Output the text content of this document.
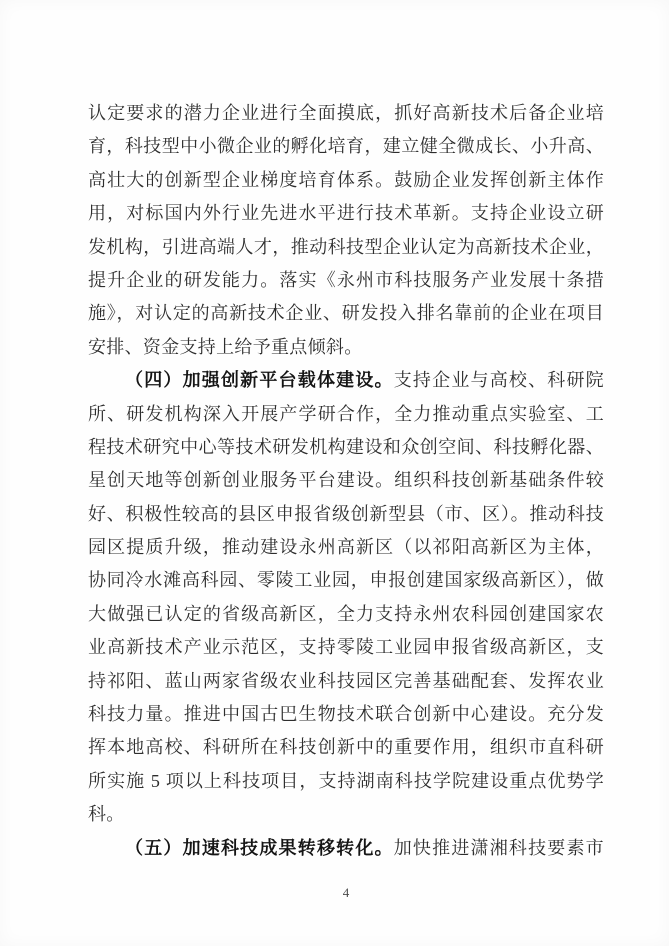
认定要求的潜力企业进行全面摸底，抓好高新技术后备企业培
育，科技型中小微企业的孵化培育，建立健全微成长、小升高、
高壮大的创新型企业梯度培育体系。鼓励企业发挥创新主体作
用，对标国内外行业先进水平进行技术革新。支持企业设立研
发机构，引进高端人才，推动科技型企业认定为高新技术企业，
提升企业的研发能力。落实《永州市科技服务产业发展十条措
施》，对认定的高新技术企业、研发投入排名靠前的企业在项目
安排、资金支持上给予重点倾斜。
（四）加强创新平台载体建设。支持企业与高校、科研院
所、研发机构深入开展产学研合作，全力推动重点实验室、工
程技术研究中心等技术研发机构建设和众创空间、科技孵化器、
星创天地等创新创业服务平台建设。组织科技创新基础条件较
好、积极性较高的县区申报省级创新型县（市、区）。推动科技
园区提质升级，推动建设永州高新区（以祁阳高新区为主体，
协同冷水滩高科园、零陵工业园，申报创建国家级高新区），做
大做强已认定的省级高新区，全力支持永州农科园创建国家农
业高新技术产业示范区，支持零陵工业园申报省级高新区，支
持祁阳、蓝山两家省级农业科技园区完善基础配套、发挥农业
科技力量。推进中国古巴生物技术联合创新中心建设。充分发
挥本地高校、科研所在科技创新中的重要作用，组织市直科研
所实施 5 项以上科技项目，支持湖南科技学院建设重点优势学
科。
（五）加速科技成果转移转化。加快推进潇湘科技要素市
4
